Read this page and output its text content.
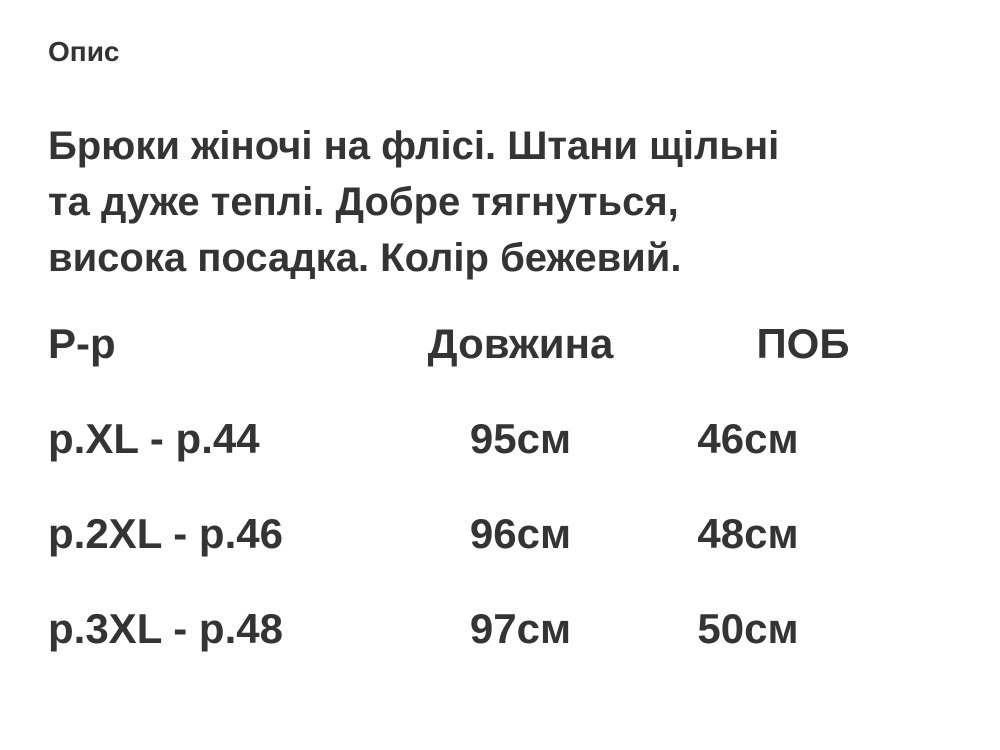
Опис
Брюки жіночі на флісі. Штани щільні
та дуже теплі. Добре тягнуться,
висока посадка. Колір бежевий.
Р-р	Довжина	ПОБ
р.XL - р.44	95см	46см
р.2XL - р.46	96см	48см
р.3XL - р.48	97см	50см
